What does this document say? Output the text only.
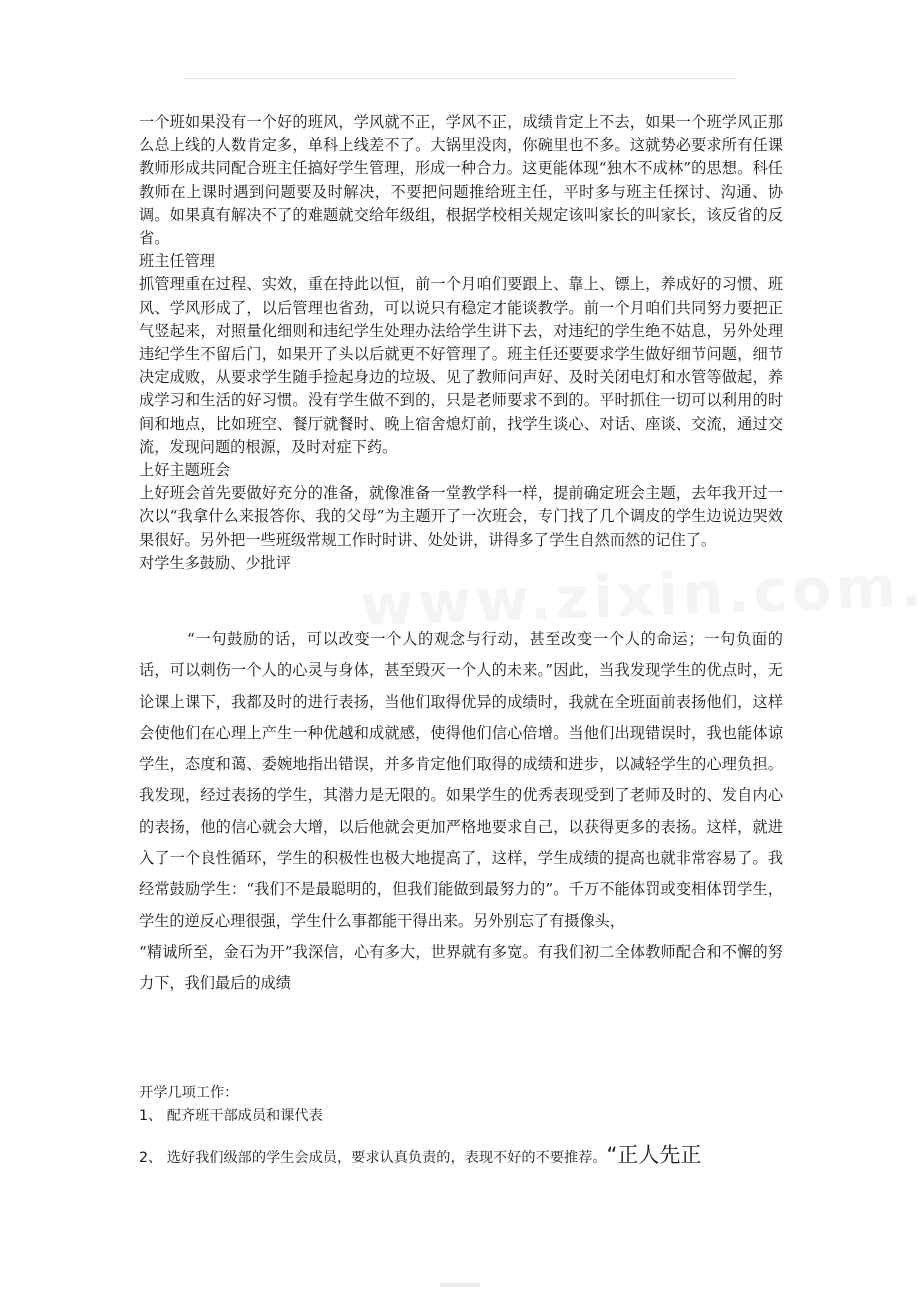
一个班如果没有一个好的班风，学风就不正，学风不正，成绩肯定上不去，如果一个班学风正那么总上线的人数肯定多，单科上线差不了。大锅里没肉，你碗里也不多。这就势必要求所有任课教师形成共同配合班主任搞好学生管理，形成一种合力。这更能体现“独木不成林”的思想。科任教师在上课时遇到问题要及时解决，不要把问题推给班主任，平时多与班主任探讨、沟通、协调。如果真有解决不了的难题就交给年级组，根据学校相关规定该叫家长的叫家长，该反省的反省。

班主任管理

抓管理重在过程、实效，重在持此以恒，前一个月咱们要跟上、靠上、镖上，养成好的习惯、班风、学风形成了，以后管理也省劲，可以说只有稳定才能谈教学。前一个月咱们共同努力要把正气竖起来，对照量化细则和违纪学生处理办法给学生讲下去，对违纪的学生绝不姑息，另外处理违纪学生不留后门，如果开了头以后就更不好管理了。班主任还要要求学生做好细节问题，细节决定成败，从要求学生随手捡起身边的垃圾、见了教师问声好、及时关闭电灯和水管等做起，养成学习和生活的好习惯。没有学生做不到的，只是老师要求不到的。平时抓住一切可以利用的时间和地点，比如班空、餐厅就餐时、晚上宿舍熄灯前，找学生谈心、对话、座谈、交流，通过交流，发现问题的根源，及时对症下药。

上好主题班会

上好班会首先要做好充分的准备，就像准备一堂教学科一样，提前确定班会主题，去年我开过一次以“我拿什么来报答你、我的父母”为主题开了一次班会，专门找了几个调皮的学生边说边哭效果很好。另外把一些班级常规工作时时讲、处处讲，讲得多了学生自然而然的记住了。

对学生多鼓励、少批评

“一句鼓励的话，可以改变一个人的观念与行动，甚至改变一个人的命运；一句负面的话，可以刺伤一个人的心灵与身体，甚至毁灭一个人的未来。”因此，当我发现学生的优点时，无论课上课下，我都及时的进行表扬，当他们取得优异的成绩时，我就在全班面前表扬他们，这样会使他们在心理上产生一种优越和成就感，使得他们信心倍增。当他们出现错误时，我也能体谅学生，态度和蔼、委婉地指出错误，并多肯定他们取得的成绩和进步，以减轻学生的心理负担。我发现，经过表扬的学生，其潜力是无限的。如果学生的优秀表现受到了老师及时的、发自内心的表扬，他的信心就会大增，以后他就会更加严格地要求自己，以获得更多的表扬。这样，就进入了一个良性循环，学生的积极性也极大地提高了，这样，学生成绩的提高也就非常容易了。我经常鼓励学生：“我们不是最聪明的，但我们能做到最努力的”。千万不能体罚或变相体罚学生，学生的逆反心理很强，学生什么事都能干得出来。另外别忘了有摄像头，

“精诚所至，金石为开”我深信，心有多大，世界就有多宽。有我们初二全体教师配合和不懈的努力下，我们最后的成绩

开学几项工作：

1、 配齐班干部成员和课代表

2、 选好我们级部的学生会成员，要求认真负责的，表现不好的不要推荐。“正人先正
